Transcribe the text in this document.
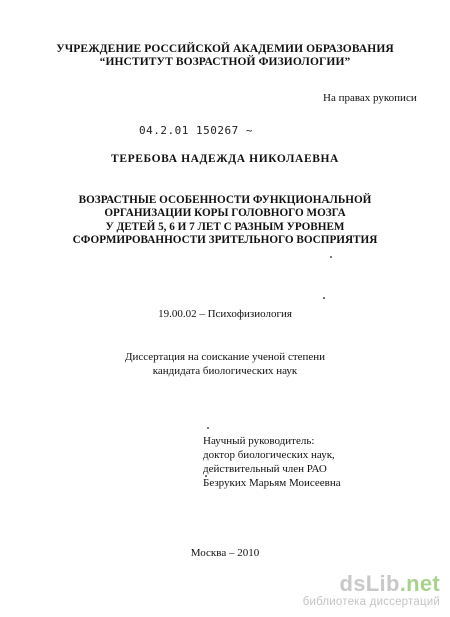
УЧРЕЖДЕНИЕ РОССИЙСКОЙ АКАДЕМИИ ОБРАЗОВАНИЯ
“ИНСТИТУТ ВОЗРАСТНОЙ ФИЗИОЛОГИИ”
На правах рукописи
04.2.01 150267 ~
ТЕРЕБОВА НАДЕЖДА НИКОЛАЕВНА
ВОЗРАСТНЫЕ ОСОБЕННОСТИ ФУНКЦИОНАЛЬНОЙ
ОРГАНИЗАЦИИ КОРЫ ГОЛОВНОГО МОЗГА
У ДЕТЕЙ 5, 6 И 7 ЛЕТ С РАЗНЫМ УРОВНЕМ
СФОРМИРОВАННОСТИ ЗРИТЕЛЬНОГО ВОСПРИЯТИЯ
19.00.02 – Психофизиология
Диссертация на соискание ученой степени
кандидата биологических наук
Научный руководитель:
доктор биологических наук,
действительный член РАО
Безруких Марьям Моисеевна
Москва – 2010
dsLib.net
библиотека диссертаций
